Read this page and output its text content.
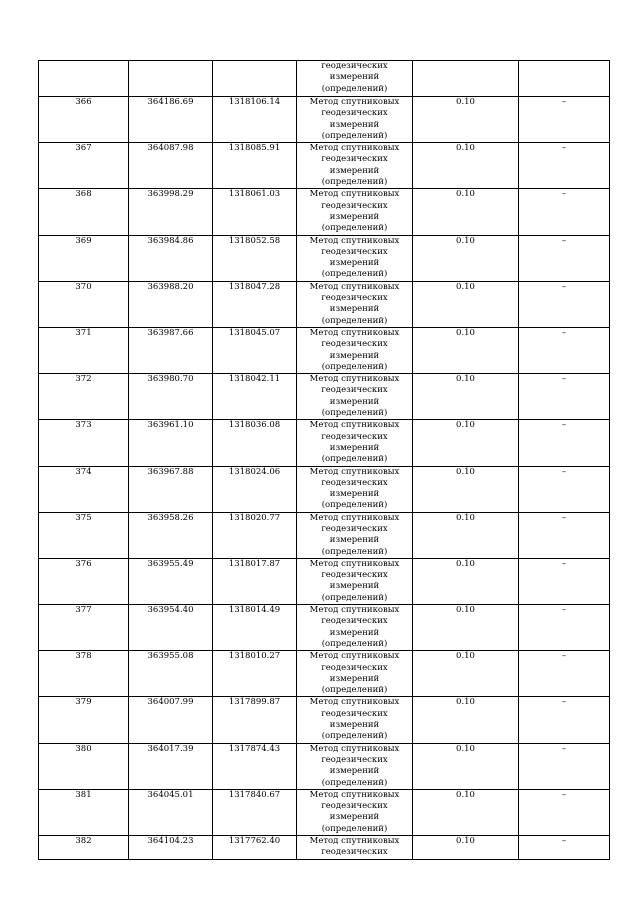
			геодезических
измерений
(определений)		

366	364186.69	1318106.14	Метод спутниковых
геодезических
измерений
(определений)	0.10	–
367	364087.98	1318085.91	Метод спутниковых
геодезических
измерений
(определений)	0.10	–
368	363998.29	1318061.03	Метод спутниковых
геодезических
измерений
(определений)	0.10	–
369	363984.86	1318052.58	Метод спутниковых
геодезических
измерений
(определений)	0.10	–
370	363988.20	1318047.28	Метод спутниковых
геодезических
измерений
(определений)	0.10	–
371	363987.66	1318045.07	Метод спутниковых
геодезических
измерений
(определений)	0.10	–
372	363980.70	1318042.11	Метод спутниковых
геодезических
измерений
(определений)	0.10	–
373	363961.10	1318036.08	Метод спутниковых
геодезических
измерений
(определений)	0.10	–
374	363967.88	1318024.06	Метод спутниковых
геодезических
измерений
(определений)	0.10	–
375	363958.26	1318020.77	Метод спутниковых
геодезических
измерений
(определений)	0.10	–
376	363955.49	1318017.87	Метод спутниковых
геодезических
измерений
(определений)	0.10	–
377	363954.40	1318014.49	Метод спутниковых
геодезических
измерений
(определений)	0.10	–
378	363955.08	1318010.27	Метод спутниковых
геодезических
измерений
(определений)	0.10	–
379	364007.99	1317899.87	Метод спутниковых
геодезических
измерений
(определений)	0.10	–
380	364017.39	1317874.43	Метод спутниковых
геодезических
измерений
(определений)	0.10	–
381	364045.01	1317840.67	Метод спутниковых
геодезических
измерений
(определений)	0.10	–
382	364104.23	1317762.40	Метод спутниковых
геодезических	0.10	–
